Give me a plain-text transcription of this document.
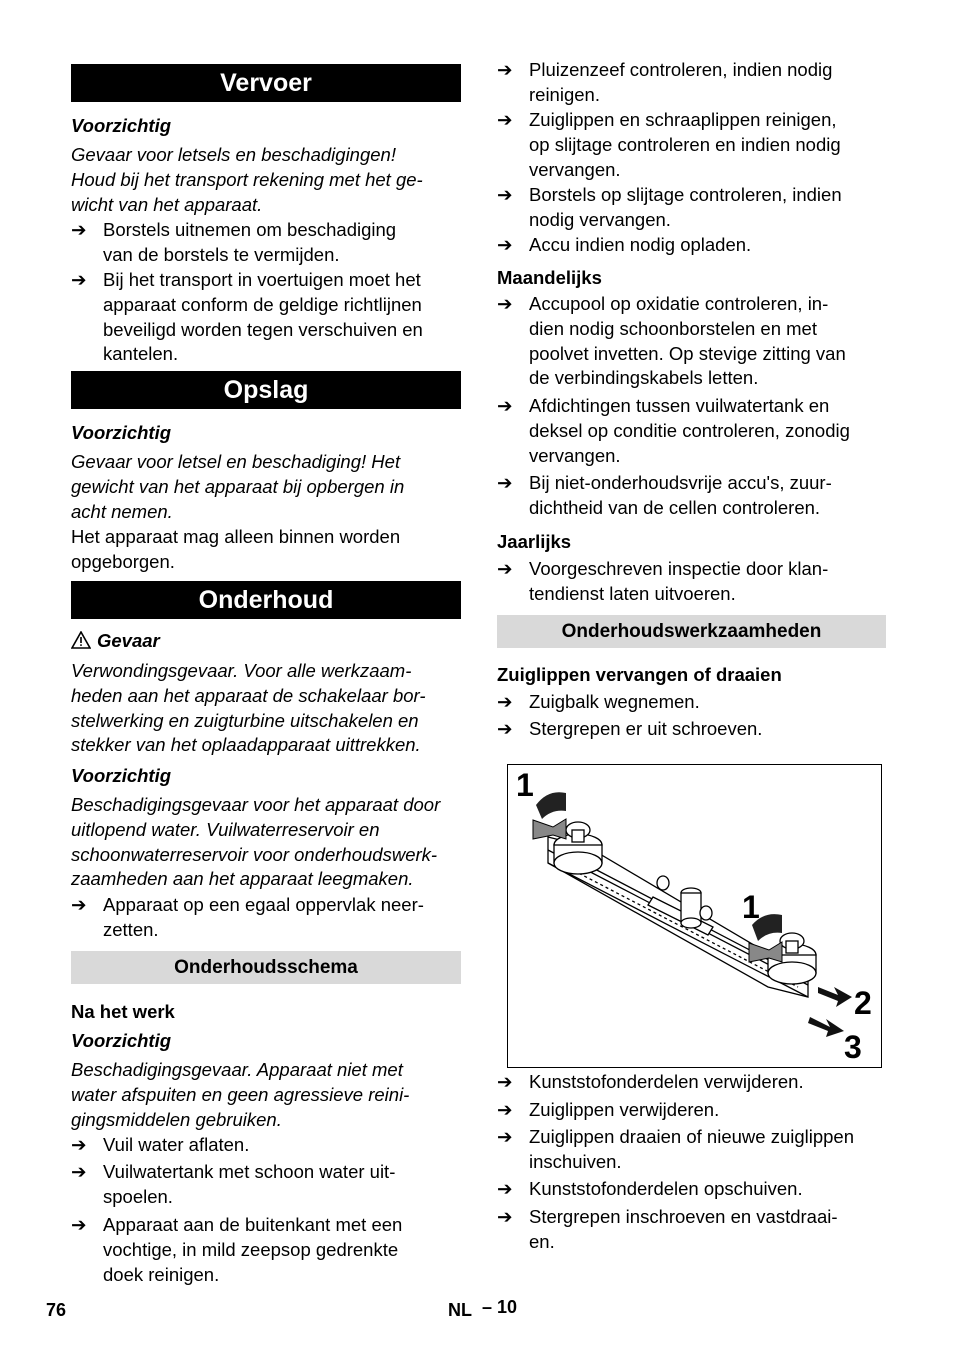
Vervoer
Voorzichtig
Gevaar voor letsels en beschadigingen!
Houd bij het transport rekening met het ge-
wicht van het apparaat.
➔ Borstels uitnemen om beschadiging
van de borstels te vermijden.
➔ Bij het transport in voertuigen moet het
apparaat conform de geldige richtlijnen
beveiligd worden tegen verschuiven en
kantelen.
Opslag
Voorzichtig
Gevaar voor letsel en beschadiging! Het
gewicht van het apparaat bij opbergen in
acht nemen.
Het apparaat mag alleen binnen worden
opgeborgen.
Onderhoud
Gevaar
Verwondingsgevaar. Voor alle werkzaam-
heden aan het apparaat de schakelaar bor-
stelwerking en zuigturbine uitschakelen en
stekker van het oplaadapparaat uittrekken.
Voorzichtig
Beschadigingsgevaar voor het apparaat door
uitlopend water. Vuilwaterreservoir en
schoonwaterreservoir voor onderhoudswerk-
zaamheden aan het apparaat leegmaken.
➔ Apparaat op een egaal oppervlak neer-
zetten.
Onderhoudsschema
Na het werk
Voorzichtig
Beschadigingsgevaar. Apparaat niet met
water afspuiten en geen agressieve reini-
gingsmiddelen gebruiken.
➔ Vuil water aflaten.
➔ Vuilwatertank met schoon water uit-
spoelen.
➔ Apparaat aan de buitenkant met een
vochtige, in mild zeepsop gedrenkte
doek reinigen.
➔ Pluizenzeef controleren, indien nodig
reinigen.
➔ Zuiglippen en schraaplippen reinigen,
op slijtage controleren en indien nodig
vervangen.
➔ Borstels op slijtage controleren, indien
nodig vervangen.
➔ Accu indien nodig opladen.
Maandelijks
➔ Accupool op oxidatie controleren, in-
dien nodig schoonborstelen en met
poolvet invetten. Op stevige zitting van
de verbindingskabels letten.
➔ Afdichtingen tussen vuilwatertank en
deksel op conditie controleren, zonodig
vervangen.
➔ Bij niet-onderhoudsvrije accu's, zuur-
dichtheid van de cellen controleren.
Jaarlijks
➔ Voorgeschreven inspectie door klan-
tendienst laten uitvoeren.
Onderhoudswerkzaamheden
Zuiglippen vervangen of draaien
➔ Zuigbalk wegnemen.
➔ Stergrepen er uit schroeven.
1
1
2
3
➔ Kunststofonderdelen verwijderen.
➔ Zuiglippen verwijderen.
➔ Zuiglippen draaien of nieuwe zuiglippen
inschuiven.
➔ Kunststofonderdelen opschuiven.
➔ Stergrepen inschroeven en vastdraai-
en.
76	NL – 10
